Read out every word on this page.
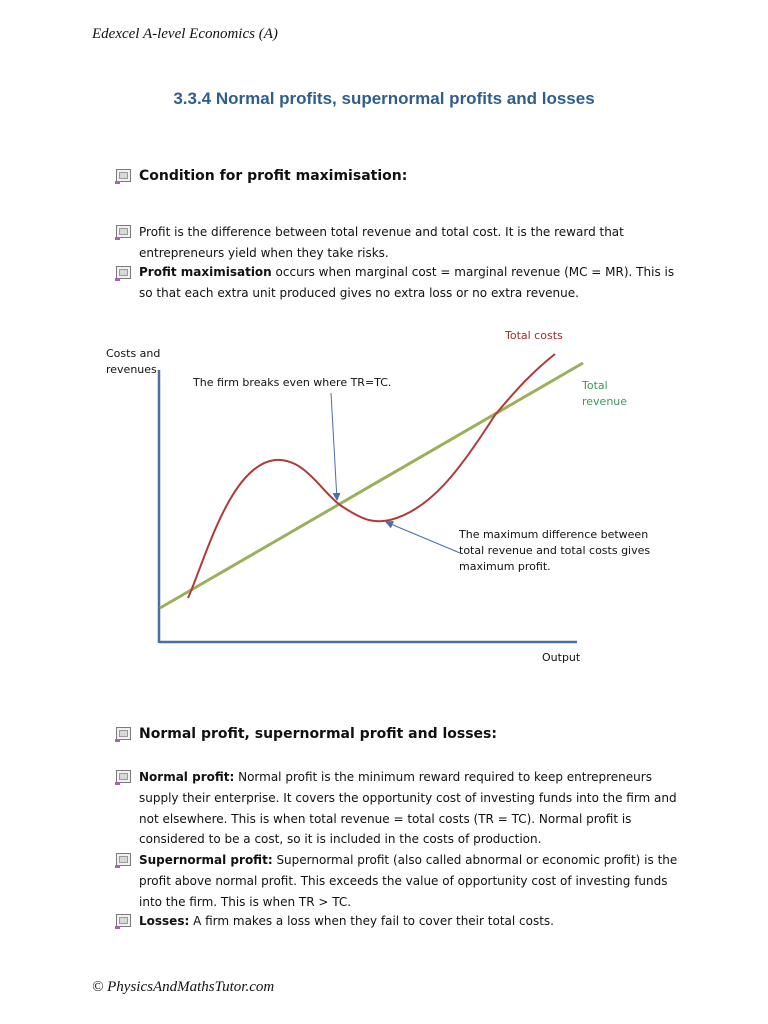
Edexcel A-level Economics (A)
3.3.4 Normal profits, supernormal profits and losses
Condition for profit maximisation:
Profit is the difference between total revenue and total cost. It is the reward that entrepreneurs yield when they take risks.
Profit maximisation occurs when marginal cost = marginal revenue (MC = MR). This is so that each extra unit produced gives no extra loss or no extra revenue.
Costs and
revenues
Output
Total costs
Total
revenue
The firm breaks even where TR=TC.
The maximum difference between
total revenue and total costs gives
maximum profit.
Normal profit, supernormal profit and losses:
Normal profit: Normal profit is the minimum reward required to keep entrepreneurs supply their enterprise. It covers the opportunity cost of investing funds into the firm and not elsewhere. This is when total revenue = total costs (TR = TC). Normal profit is considered to be a cost, so it is included in the costs of production.
Supernormal profit: Supernormal profit (also called abnormal or economic profit) is the profit above normal profit. This exceeds the value of opportunity cost of investing funds into the firm. This is when TR > TC.
Losses: A firm makes a loss when they fail to cover their total costs.
© PhysicsAndMathsTutor.com
